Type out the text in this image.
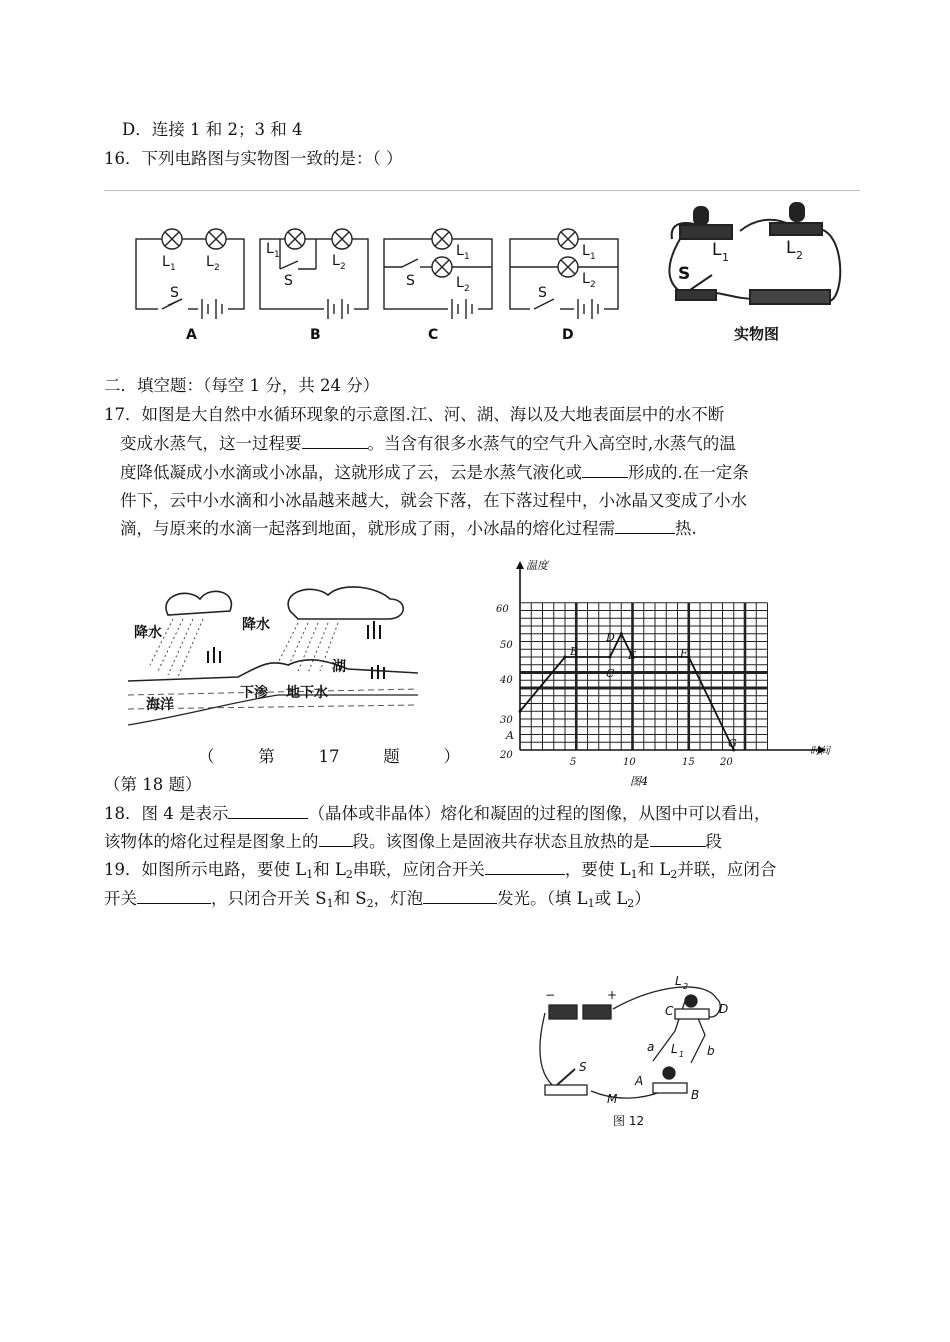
D．连接 1 和 2；3 和 4
16．下列电路图与实物图一致的是：（ ）
L 1 L 2
S
A
L 1	L 2
S
B
L 1
L 2
S
C
L 1
L 2
S
D
L 1	L 2
S
实物图
二．填空题：（每空 1 分，共 24 分）
17．如图是大自然中水循环现象的示意图.江、河、湖、海以及大地表面层中的水不断
变成水蒸气，这一过程要	。当含有很多水蒸气的空气升入高空时,水蒸气的温
度降低凝成小水滴或小冰晶，这就形成了云，云是水蒸气液化或	形成的.在一定条
件下，云中小水滴和小冰晶越来越大，就会下落，在下落过程中，小冰晶又变成了小水
滴，与原来的水滴一起落到地面，就形成了雨，小冰晶的熔化过程需	热.
降水	降水
湖
海洋
下渗 地下水
（	第	17	题	）
（第 18 题）
温度
时间
图4
60
50
40
30
20
5	10	15	20
A
B
C
D
E	F
G
18．图 4 是表示	（晶体或非晶体）熔化和凝固的过程的图像，从图中可以看出，
该物体的熔化过程是图象上的 段。该图像上是固液共存状态且放热的是	段
19．如图所示电路，要使 $L_1$和 $L_2$串联，应闭合开关	，要使 $L_1$和 $L_2$并联，应闭合
开关	，只闭合开关 $S_1$和 $S_2$，灯泡	发光。（填 $L_1$或 $L_2$）
−	+
L 2
C	D
a L 1 b
S
A
B
M
图 12
